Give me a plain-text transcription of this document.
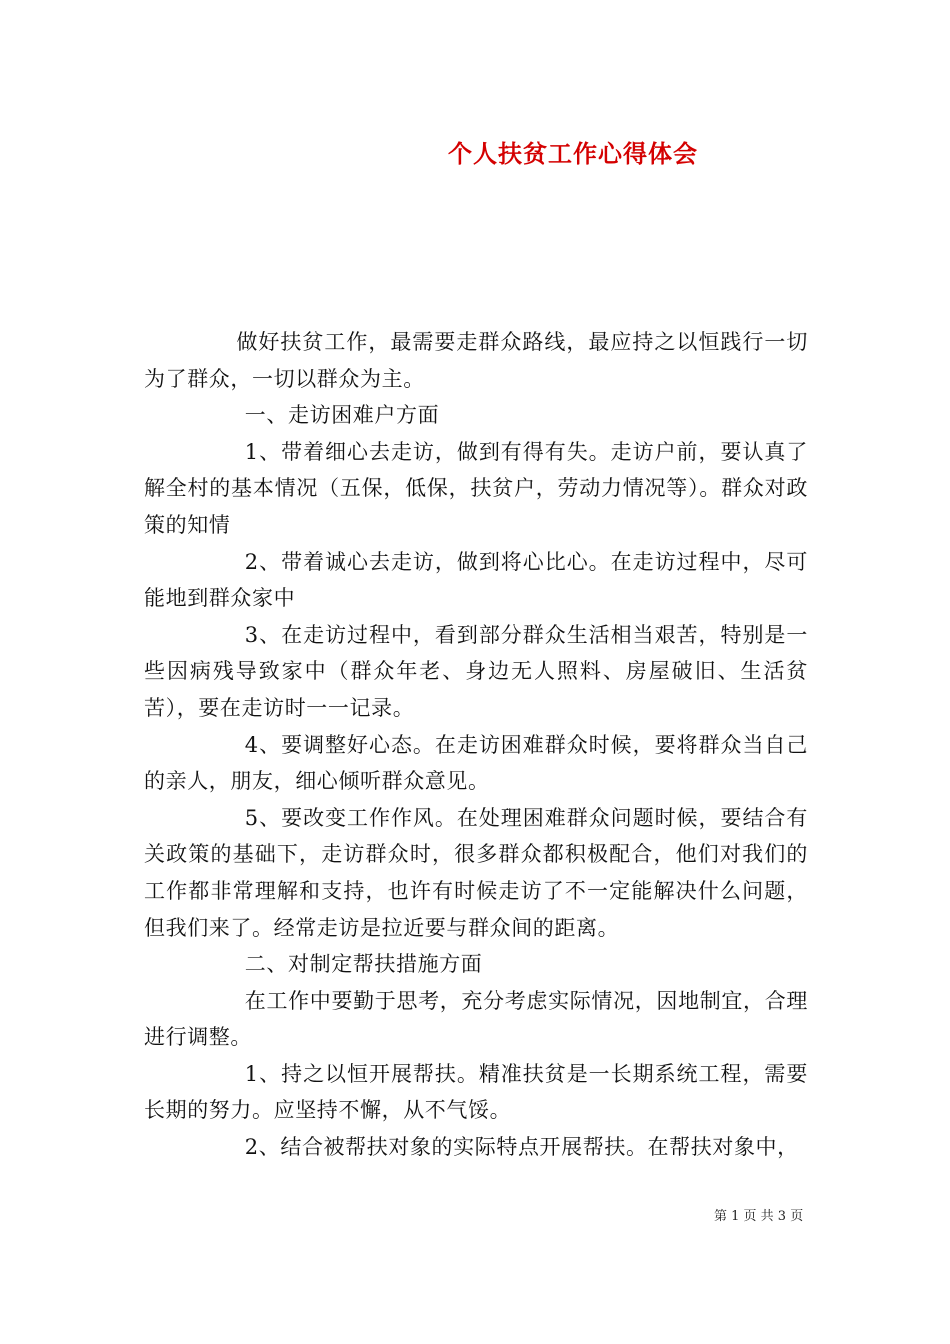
个人扶贫工作心得体会

做好扶贫工作，最需要走群众路线，最应持之以恒践行一切为了群众，一切以群众为主。

一、走访困难户方面

1、带着细心去走访，做到有得有失。走访户前，要认真了解全村的基本情况（五保，低保，扶贫户，劳动力情况等）。群众对政策的知情

2、带着诚心去走访，做到将心比心。在走访过程中，尽可能地到群众家中

3、在走访过程中，看到部分群众生活相当艰苦，特别是一些因病残导致家中（群众年老、身边无人照料、房屋破旧、生活贫苦），要在走访时一一记录。

4、要调整好心态。在走访困难群众时候，要将群众当自己的亲人，朋友，细心倾听群众意见。

5、要改变工作作风。在处理困难群众问题时候，要结合有关政策的基础下，走访群众时，很多群众都积极配合，他们对我们的工作都非常理解和支持，也许有时候走访了不一定能解决什么问题，但我们来了。经常走访是拉近要与群众间的距离。

二、对制定帮扶措施方面

在工作中要勤于思考，充分考虑实际情况，因地制宜，合理进行调整。

1、持之以恒开展帮扶。精准扶贫是一长期系统工程，需要长期的努力。应坚持不懈，从不气馁。

2、结合被帮扶对象的实际特点开展帮扶。在帮扶对象中，

第 1 页 共 3 页
